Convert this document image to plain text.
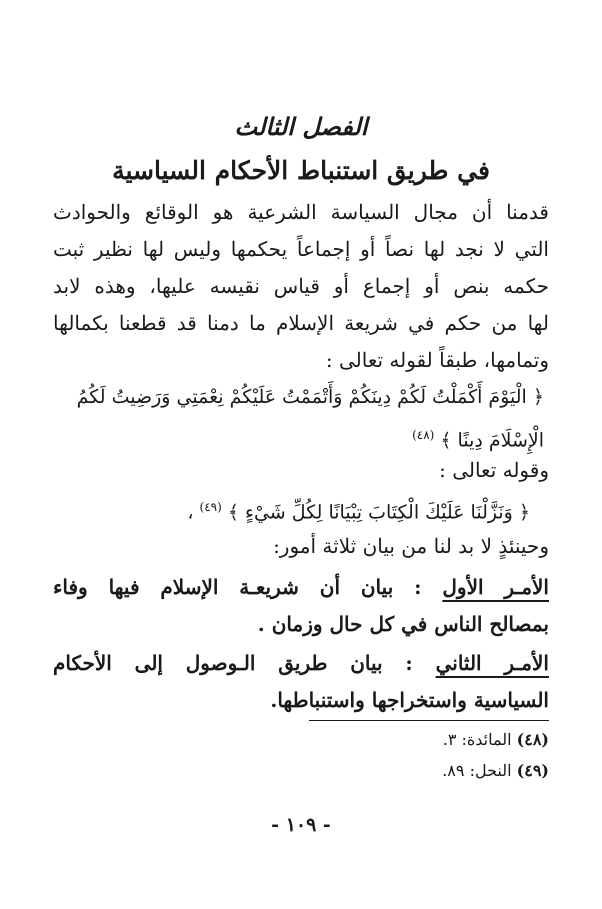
الفصل الثالث
في طريق استنباط الأحكام السياسية
قدمنا أن مجال السياسة الشرعية هو الوقائع والحوادث
التي لا نجد لها نصاً أو إجماعاً يحكمها وليس لها نظير ثبت
حكمه بنص أو إجماع أو قياس نقيسه عليها، وهذه لابد
لها من حكم في شريعة الإسلام ما دمنا قد قطعنا بكمالها
وتمامها، طبقاً لقوله تعالى :
﴿ الْيَوْمَ أَكْمَلْتُ لَكُمْ دِينَكُمْ وَأَتْمَمْتُ عَلَيْكُمْ نِعْمَتِي وَرَضِيتُ لَكُمُ
الْإِسْلَامَ دِينًا ﴾ $^{(٤٨)}$
وقوله تعالى :
﴿ وَنَزَّلْنَا عَلَيْكَ الْكِتَابَ تِبْيَانًا لِكُلِّ شَيْءٍ ﴾ $^{(٤٩)}$ ،
وحينئذٍ لا بد لنا من بيان ثلاثة أمور:
الأمـر الأول : بيان أن شريعـة الإسلام فيها وفاء
بمصالح الناس في كل حال وزمان .
الأمـر الثاني : بيان طريق الـوصول إلى الأحكام
السياسية واستخراجها واستنباطها.
(٤٨) المائدة: ٣.
(٤٩) النحل: ٨٩.
- ١٠٩ -
